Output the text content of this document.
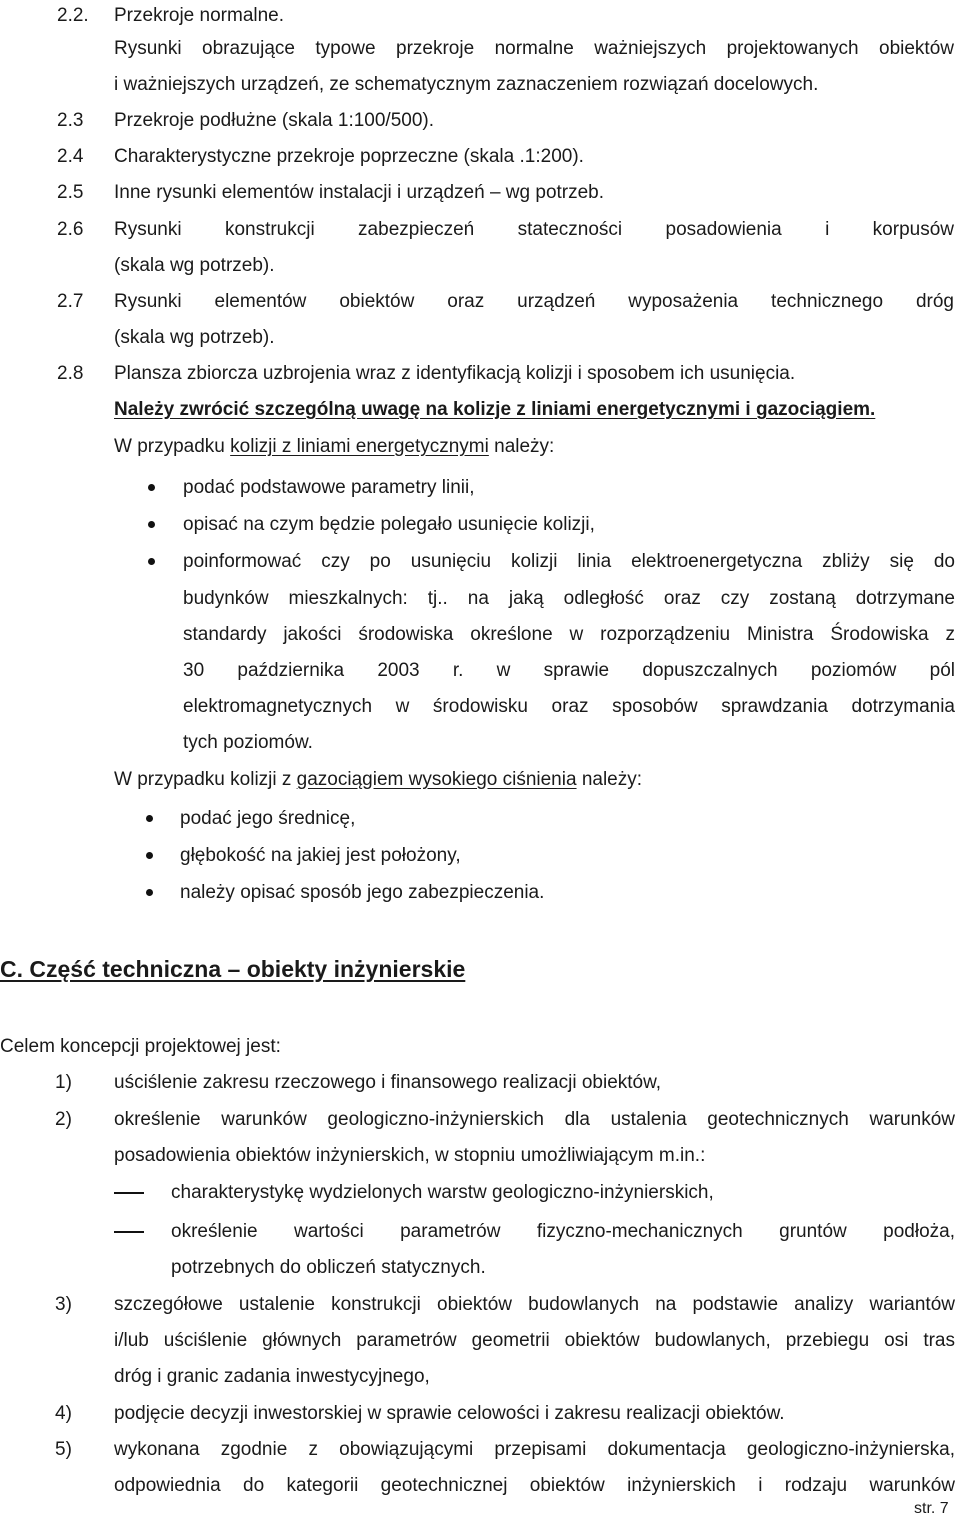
2.2. Przekroje normalne.
Rysunki obrazujące typowe przekroje normalne ważniejszych projektowanych obiektów
i ważniejszych urządzeń, ze schematycznym zaznaczeniem rozwiązań docelowych.
2.3 Przekroje podłużne (skala 1:100/500).
2.4 Charakterystyczne przekroje poprzeczne (skala .1:200).
2.5 Inne rysunki elementów instalacji i urządzeń – wg potrzeb.
2.6 Rysunki konstrukcji zabezpieczeń stateczności posadowienia i korpusów
(skala wg potrzeb).
2.7 Rysunki elementów obiektów oraz urządzeń wyposażenia technicznego dróg
(skala wg potrzeb).
2.8 Plansza zbiorcza uzbrojenia wraz z identyfikacją kolizji i sposobem ich usunięcia.
Należy zwrócić szczególną uwagę na kolizje z liniami energetycznymi i gazociągiem.
W przypadku kolizji z liniami energetycznymi należy:
podać podstawowe parametry linii,
opisać na czym będzie polegało usunięcie kolizji,
poinformować czy po usunięciu kolizji linia elektroenergetyczna zbliży się do
budynków mieszkalnych: tj.. na jaką odległość oraz czy zostaną dotrzymane
standardy jakości środowiska określone w rozporządzeniu Ministra Środowiska z
30 października 2003 r. w sprawie dopuszczalnych poziomów pól
elektromagnetycznych w środowisku oraz sposobów sprawdzania dotrzymania
tych poziomów.
W przypadku kolizji z gazociągiem wysokiego ciśnienia należy:
podać jego średnicę,
głębokość na jakiej jest położony,
należy opisać sposób jego zabezpieczenia.
C. Część techniczna – obiekty inżynierskie
Celem koncepcji projektowej jest:
1) uściślenie zakresu rzeczowego i finansowego realizacji obiektów,
2) określenie warunków geologiczno-inżynierskich dla ustalenia geotechnicznych warunków
posadowienia obiektów inżynierskich, w stopniu umożliwiającym m.in.:
charakterystykę wydzielonych warstw geologiczno-inżynierskich,
określenie wartości parametrów fizyczno-mechanicznych gruntów podłoża,
potrzebnych do obliczeń statycznych.
3) szczegółowe ustalenie konstrukcji obiektów budowlanych na podstawie analizy wariantów
i/lub uściślenie głównych parametrów geometrii obiektów budowlanych, przebiegu osi tras
dróg i granic zadania inwestycyjnego,
4) podjęcie decyzji inwestorskiej w sprawie celowości i zakresu realizacji obiektów.
5) wykonana zgodnie z obowiązującymi przepisami dokumentacja geologiczno-inżynierska,
odpowiednia do kategorii geotechnicznej obiektów inżynierskich i rodzaju warunków
str. 7
